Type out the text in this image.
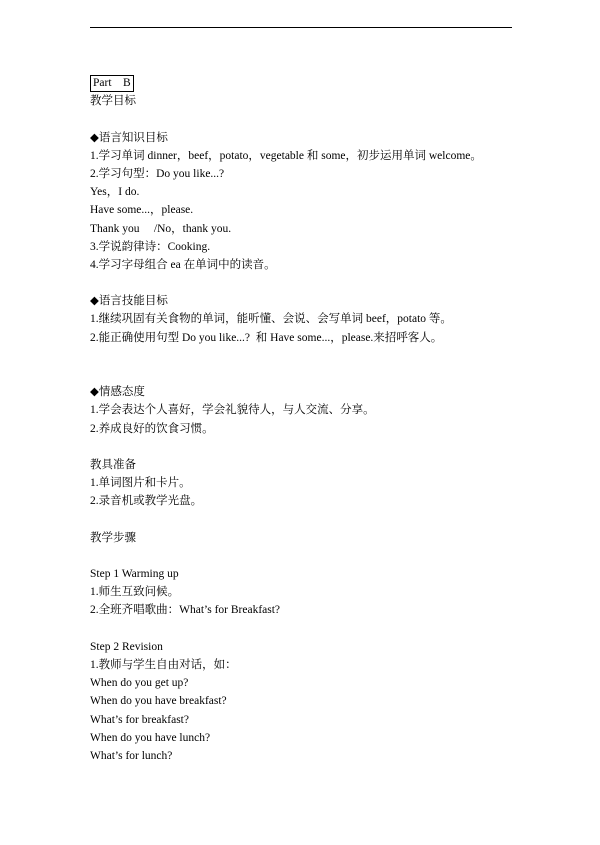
Part    B
教学目标
◆语言知识目标
1.学习单词 dinner，beef，potato，vegetable 和 some，初步运用单词 welcome。
2.学习句型：Do you like...?
Yes，I do.
Have some...，please.
Thank you     /No，thank you.
3.学说韵律诗：Cooking.
4.学习字母组合 ea 在单词中的读音。
◆语言技能目标
1.继续巩固有关食物的单词，能听懂、会说、会写单词 beef，potato 等。
2.能正确使用句型 Do you like...?  和 Have some...，please.来招呼客人。
◆情感态度
1.学会表达个人喜好，学会礼貌待人，与人交流、分享。
2.养成良好的饮食习惯。
教具准备
1.单词图片和卡片。
2.录音机或教学光盘。
教学步骤
Step 1 Warming up
1.师生互致问候。
2.全班齐唱歌曲：What’s for Breakfast?
Step 2 Revision
1.教师与学生自由对话，如：
When do you get up?
When do you have breakfast?
What’s for breakfast?
When do you have lunch?
What’s for lunch?
